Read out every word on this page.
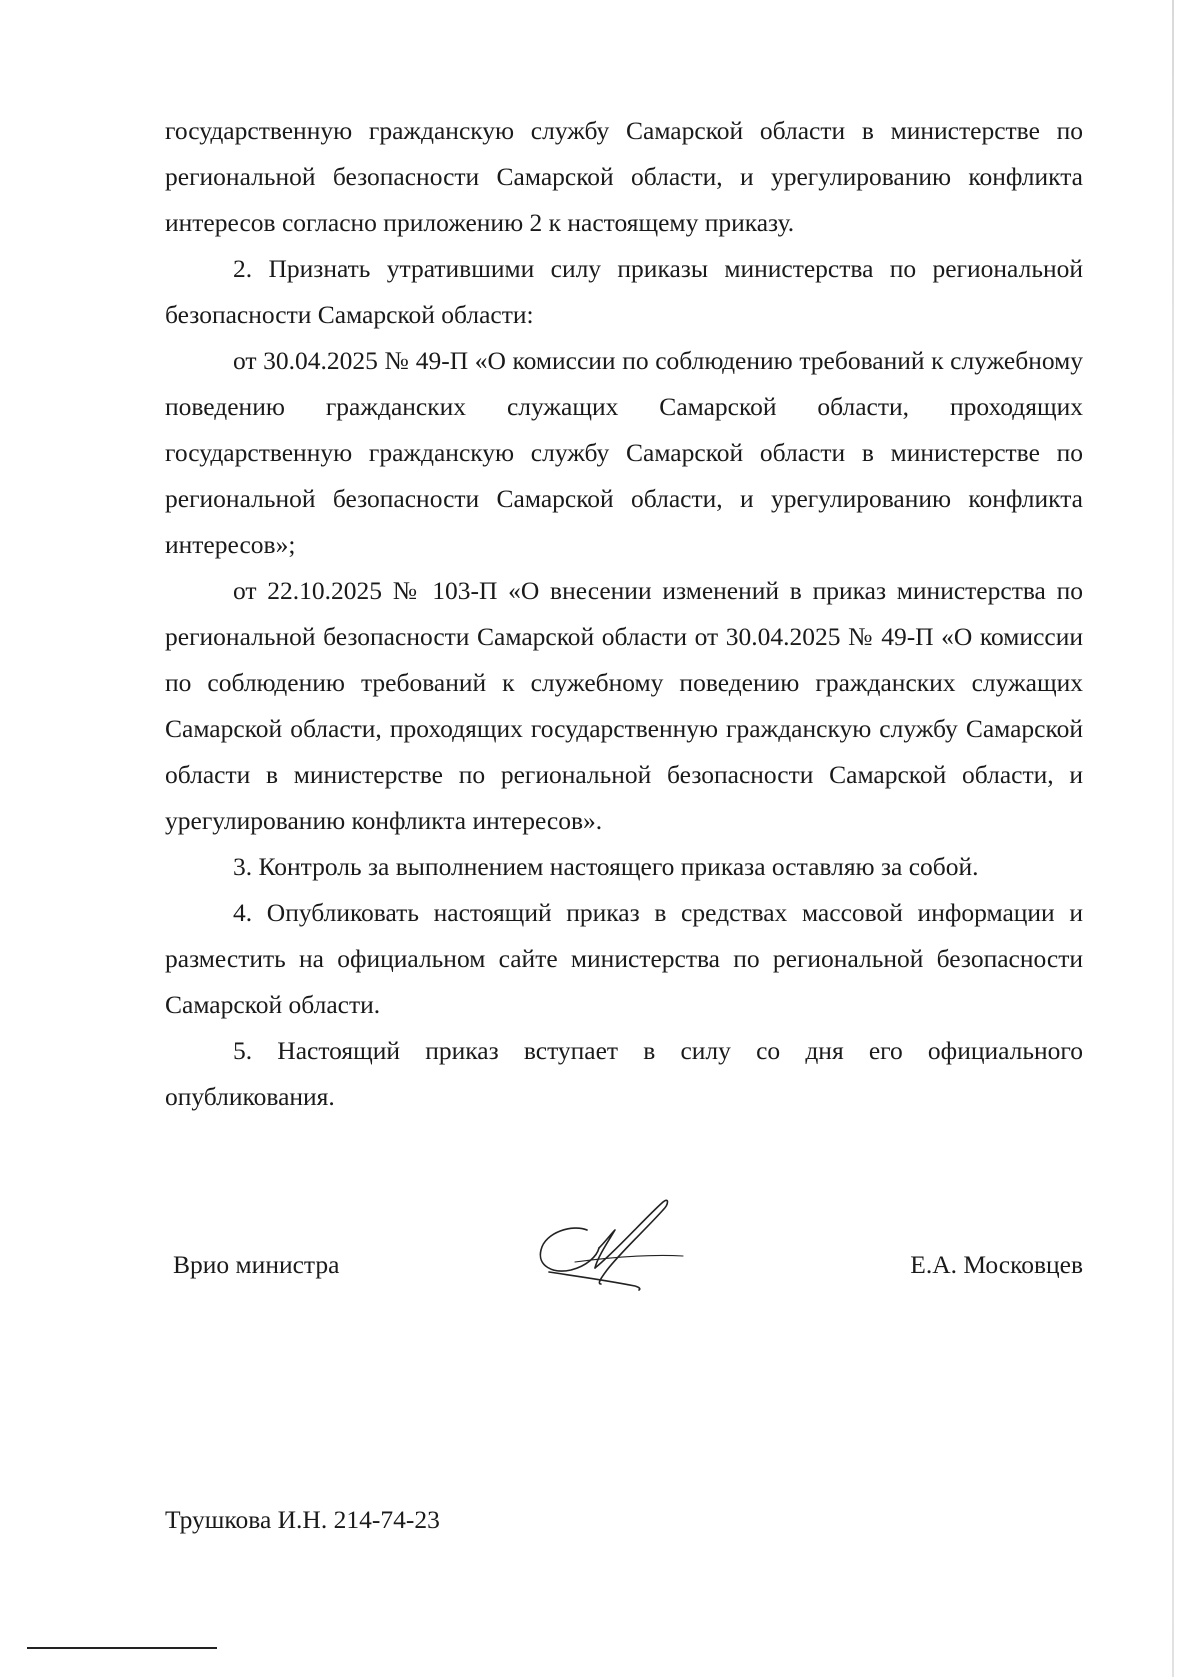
государственную гражданскую службу Самарской области в министерстве по региональной безопасности Самарской области, и урегулированию конфликта интересов согласно приложению 2 к настоящему приказу.

2. Признать утратившими силу приказы министерства по региональной безопасности Самарской области:

от 30.04.2025 № 49-П «О комиссии по соблюдению требований к служебному поведению гражданских служащих Самарской области, проходящих государственную гражданскую службу Самарской области в министерстве по региональной безопасности Самарской области, и урегулированию конфликта интересов»;

от 22.10.2025 № 103-П «О внесении изменений в приказ министерства по региональной безопасности Самарской области от 30.04.2025 № 49-П «О комиссии по соблюдению требований к служебному поведению гражданских служащих Самарской области, проходящих государственную гражданскую службу Самарской области в министерстве по региональной безопасности Самарской области, и урегулированию конфликта интересов».

3. Контроль за выполнением настоящего приказа оставляю за собой.

4. Опубликовать настоящий приказ в средствах массовой информации и разместить на официальном сайте министерства по региональной безопасности Самарской области.

5. Настоящий приказ вступает в силу со дня его официального опубликования.

Врио министра	Е.А. Московцев
Трушкова И.Н. 214-74-23
